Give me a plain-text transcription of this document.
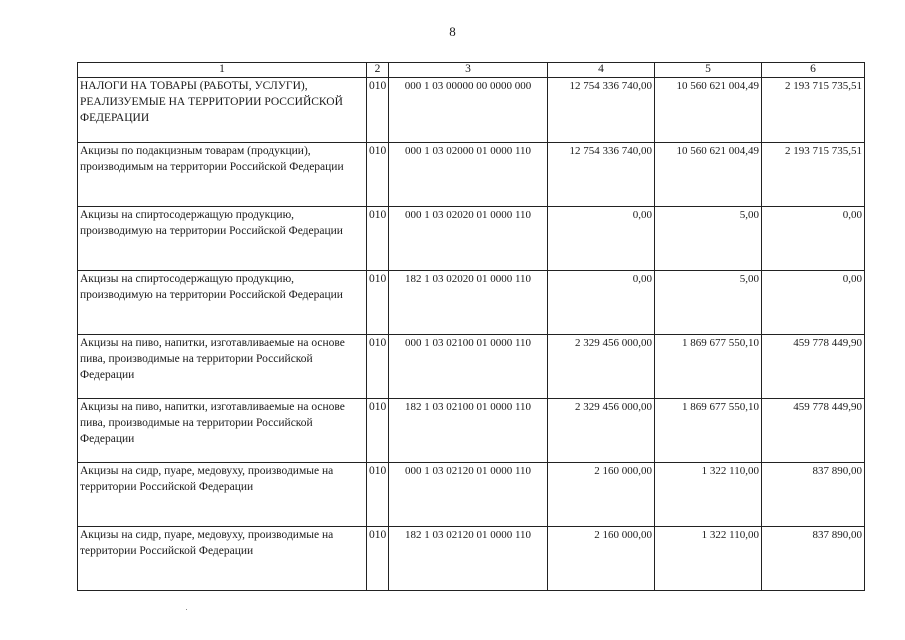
8
1	2	3	4	5	6
НАЛОГИ НА ТОВАРЫ (РАБОТЫ, УСЛУГИ), РЕАЛИЗУЕМЫЕ НА ТЕРРИТОРИИ РОССИЙСКОЙ ФЕДЕРАЦИИ	010	000 1 03 00000 00 0000 000	12 754 336 740,00	10 560 621 004,49	2 193 715 735,51
Акцизы по подакцизным товарам (продукции), производимым на территории Российской Федерации	010	000 1 03 02000 01 0000 110	12 754 336 740,00	10 560 621 004,49	2 193 715 735,51
Акцизы на спиртосодержащую продукцию, производимую на территории Российской Федерации	010	000 1 03 02020 01 0000 110	0,00	5,00	0,00
Акцизы на спиртосодержащую продукцию, производимую на территории Российской Федерации	010	182 1 03 02020 01 0000 110	0,00	5,00	0,00
Акцизы на пиво, напитки, изготавливаемые на основе пива, производимые на территории Российской Федерации	010	000 1 03 02100 01 0000 110	2 329 456 000,00	1 869 677 550,10	459 778 449,90
Акцизы на пиво, напитки, изготавливаемые на основе пива, производимые на территории Российской Федерации	010	182 1 03 02100 01 0000 110	2 329 456 000,00	1 869 677 550,10	459 778 449,90
Акцизы на сидр, пуаре, медовуху, производимые на территории Российской Федерации	010	000 1 03 02120 01 0000 110	2 160 000,00	1 322 110,00	837 890,00
Акцизы на сидр, пуаре, медовуху, производимые на территории Российской Федерации	010	182 1 03 02120 01 0000 110	2 160 000,00	1 322 110,00	837 890,00
